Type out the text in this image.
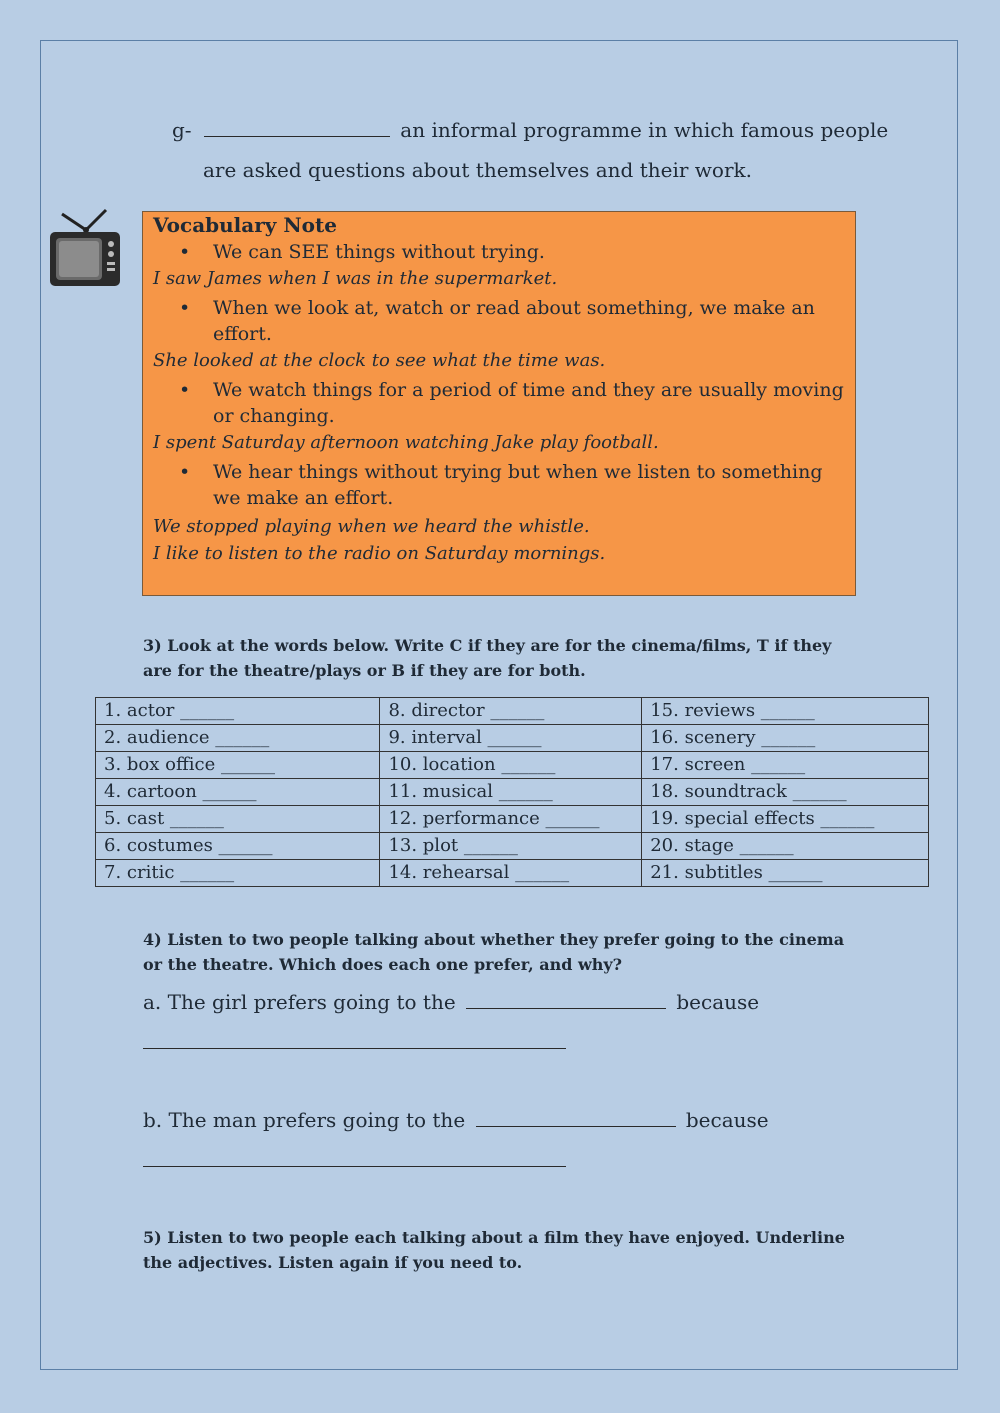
g-	an informal programme in which famous people
are asked questions about themselves and their work.
Vocabulary Note
•	We can SEE things without trying.
I saw James when I was in the supermarket.
•	When we look at, watch or read about something, we make an effort.
She looked at the clock to see what the time was.
•	We watch things for a period of time and they are usually moving or changing.
I spent Saturday afternoon watching Jake play football.
•	We hear things without trying but when we listen to something we make an effort.
We stopped playing when we heard the whistle.
I like to listen to the radio on Saturday mornings.
3) Look at the words below. Write C if they are for the cinema/films, T if they
are for the theatre/plays or B if they are for both.
1. actor ______	8. director ______	15. reviews ______
2. audience ______	9. interval ______	16. scenery ______
3. box office ______	10. location ______	17. screen ______
4. cartoon ______	11. musical ______	18. soundtrack ______
5. cast ______	12. performance ______	19. special effects ______
6. costumes ______	13. plot ______	20. stage ______
7. critic ______	14. rehearsal ______	21. subtitles ______
4) Listen to two people talking about whether they prefer going to the cinema
or the theatre. Which does each one prefer, and why?
a. The girl prefers going to the	because
b. The man prefers going to the	because
5) Listen to two people each talking about a film they have enjoyed. Underline
the adjectives. Listen again if you need to.
